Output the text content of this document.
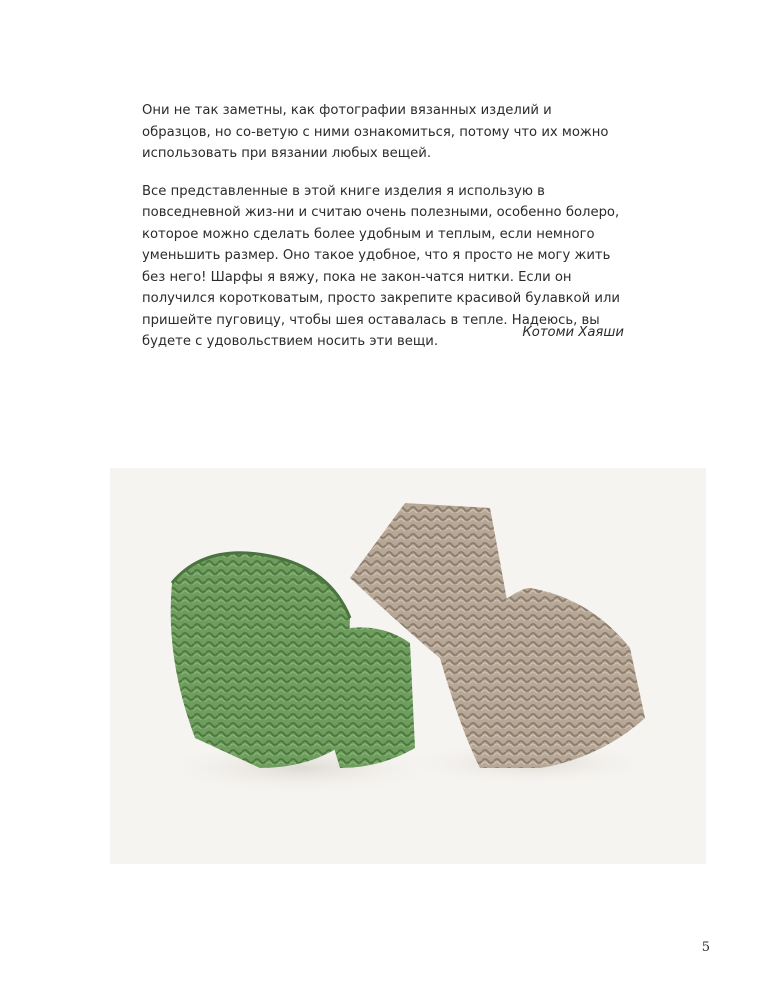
Они не так заметны, как фотографии вязанных изделий и образцов, но со-ветую с ними ознакомиться, потому что их можно использовать при вязании любых вещей.

Все представленные в этой книге изделия я использую в повседневной жиз-ни и считаю очень полезными, особенно болеро, которое можно сделать более удобным и теплым, если немного уменьшить размер. Оно такое удобное, что я просто не могу жить без него! Шарфы я вяжу, пока не закон-чатся нитки. Если он получился коротковатым, просто закрепите красивой булавкой или пришейте пуговицу, чтобы шея оставалась в тепле. Надеюсь, вы будете с удовольствием носить эти вещи.

Котоми Хаяши
5
